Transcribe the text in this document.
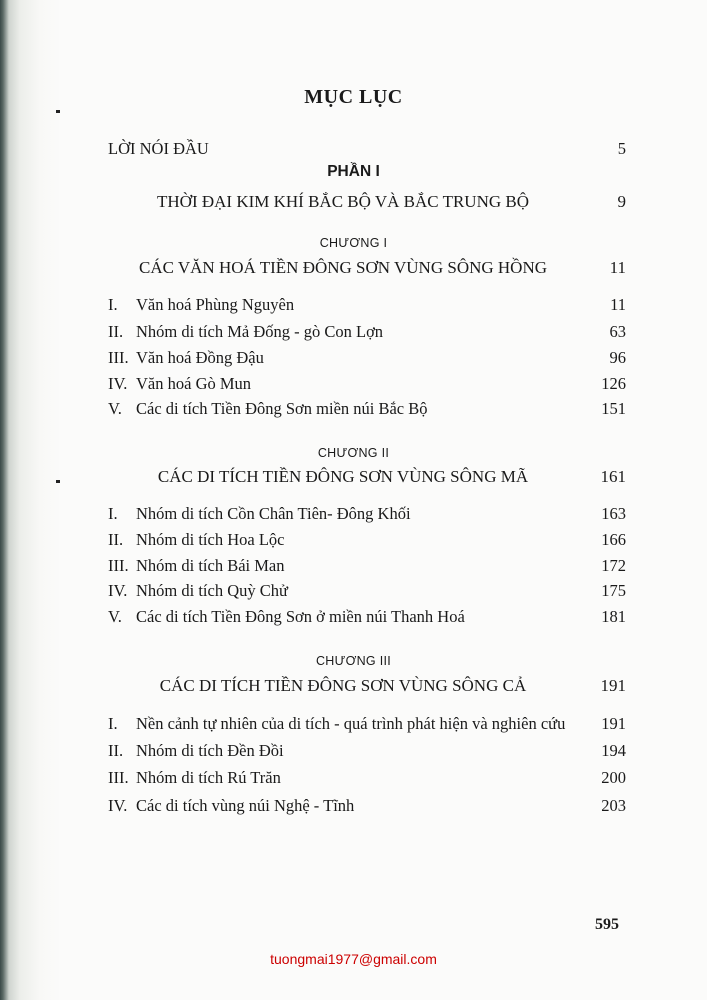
MỤC LỤC
LỜI NÓI ĐẦU	5
PHẦN I
THỜI ĐẠI KIM KHÍ BẮC BỘ VÀ BẮC TRUNG BỘ	9
CHƯƠNG I
CÁC VĂN HOÁ TIỀN ĐÔNG SƠN VÙNG SÔNG HỒNG	11
I. Văn hoá Phùng Nguyên	11
II. Nhóm di tích Mả Đống - gò Con Lợn	63
III. Văn hoá Đồng Đậu	96
IV. Văn hoá Gò Mun	126
V. Các di tích Tiền Đông Sơn miền núi Bắc Bộ	151
CHƯƠNG II
CÁC DI TÍCH TIỀN ĐÔNG SƠN VÙNG SÔNG MÃ	161
I. Nhóm di tích Cồn Chân Tiên- Đông Khối	163
II. Nhóm di tích Hoa Lộc	166
III. Nhóm di tích Bái Man	172
IV. Nhóm di tích Quỳ Chử	175
V. Các di tích Tiền Đông Sơn ở miền núi Thanh Hoá	181
CHƯƠNG III
CÁC DI TÍCH TIỀN ĐÔNG SƠN VÙNG SÔNG CẢ	191
I. Nền cảnh tự nhiên của di tích - quá trình phát hiện và nghiên cứu 191
II. Nhóm di tích Đền Đồi	194
III. Nhóm di tích Rú Trăn	200
IV. Các di tích vùng núi Nghệ - Tĩnh	203
595
tuongmai1977@gmail.com
